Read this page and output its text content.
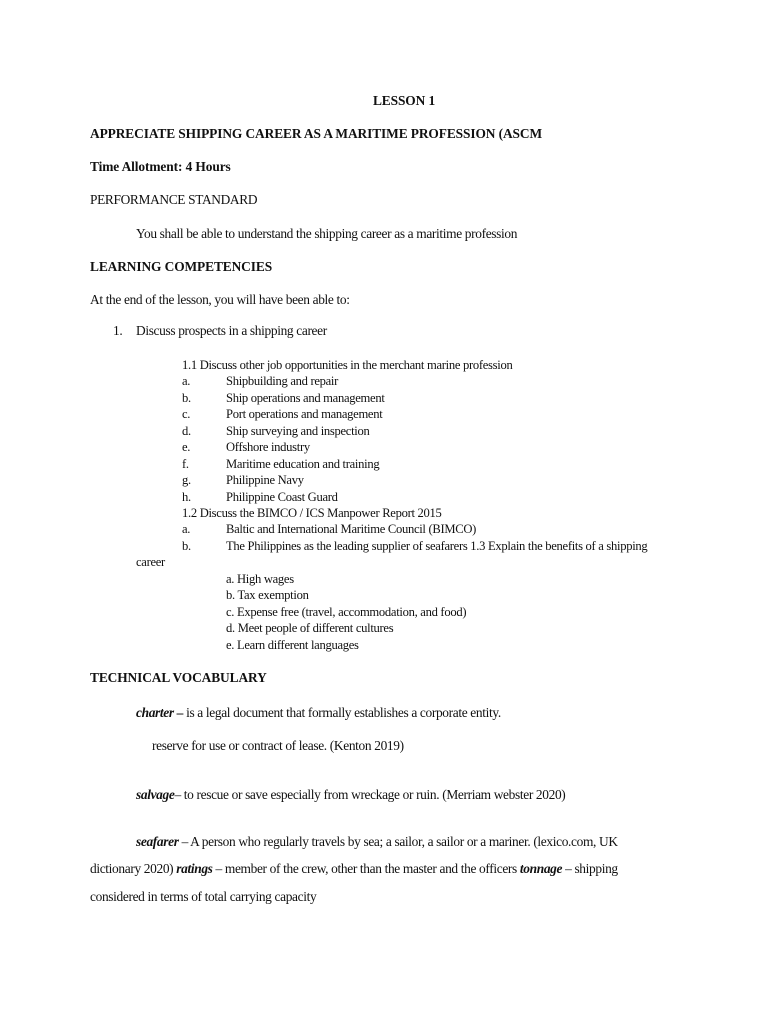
LESSON 1
APPRECIATE SHIPPING CAREER AS A MARITIME PROFESSION (ASCM
Time Allotment: 4 Hours
PERFORMANCE STANDARD
You shall be able to understand the shipping career as a maritime profession
LEARNING COMPETENCIES
At the end of the lesson, you will have been able to:
1. Discuss prospects in a shipping career
1.1 Discuss other job opportunities in the merchant marine profession
a.	Shipbuilding and repair
b.	Ship operations and management
c.	Port operations and management
d.	Ship surveying and inspection
e.	Offshore industry
f.	Maritime education and training
g.	Philippine Navy
h.	Philippine Coast Guard
1.2 Discuss the BIMCO / ICS Manpower Report 2015
a.	Baltic and International Maritime Council (BIMCO)
b.	The Philippines as the leading supplier of seafarers 1.3 Explain the benefits of a shipping
career
a. High wages
b. Tax exemption
c. Expense free (travel, accommodation, and food)
d. Meet people of different cultures
e. Learn different languages
TECHNICAL VOCABULARY
charter – is a legal document that formally establishes a corporate entity.
reserve for use or contract of lease. (Kenton 2019)
salvage– to rescue or save especially from wreckage or ruin. (Merriam webster 2020)
seafarer – A person who regularly travels by sea; a sailor, a sailor or a mariner. (lexico.com, UK
dictionary 2020) ratings – member of the crew, other than the master and the officers tonnage – shipping
considered in terms of total carrying capacity
